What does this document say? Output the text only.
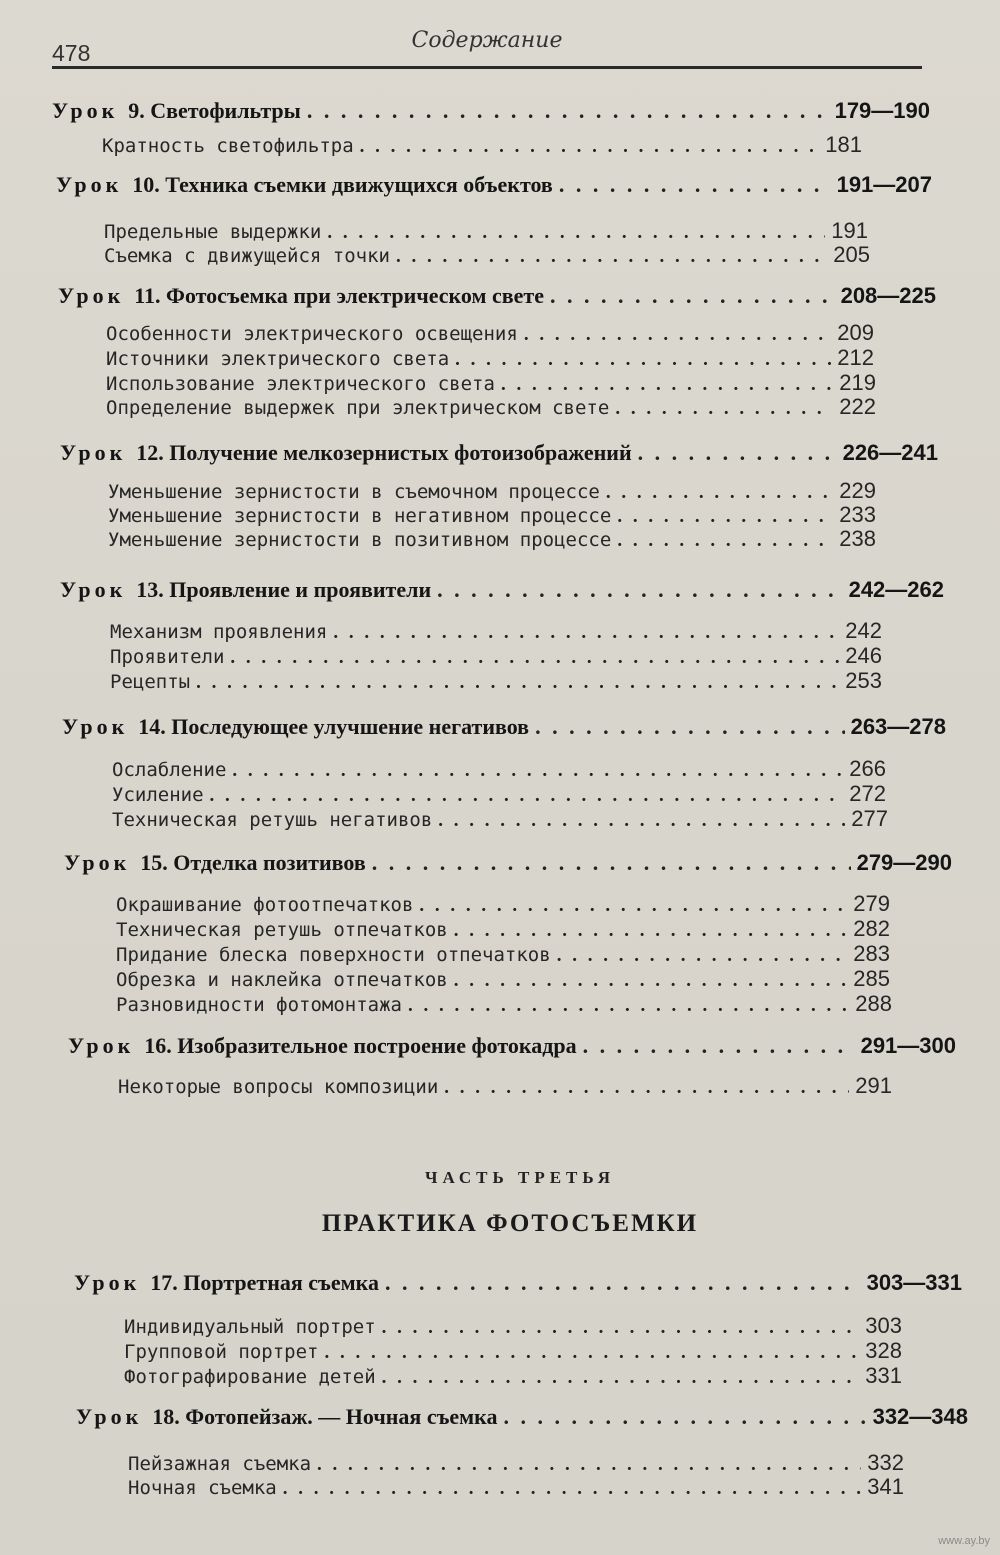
478	Содержание
Урок 9. Светофильтры . . .	179—190
Кратность светофильтра . . .	181
Урок 10. Техника съемки движущихся объектов . . .	191—207
Предельные выдержки . . .	191
Съемка с движущейся точки . . .	205
Урок 11. Фотосъемка при электрическом свете . . .	208—225
Особенности электрического освещения . . .	209
Источники электрического света . . .	212
Использование электрического света . . .	219
Определение выдержек при электрическом свете . . .	222
Урок 12. Получение мелкозернистых фотоизображений . . .	226—241
Уменьшение зернистости в съемочном процессе . . .	229
Уменьшение зернистости в негативном процессе . . .	233
Уменьшение зернистости в позитивном процессе . . .	238
Урок 13. Проявление и проявители . . .	242—262
Механизм проявления . . .	242
Проявители . . .	246
Рецепты . . .	253
Урок 14. Последующее улучшение негативов . . .	263—278
Ослабление . . .	266
Усиление . . .	272
Техническая ретушь негативов . . .	277
Урок 15. Отделка позитивов . . .	279—290
Окрашивание фотоотпечатков . . .	279
Техническая ретушь отпечатков . . .	282
Придание блеска поверхности отпечатков . . .	283
Обрезка и наклейка отпечатков . . .	285
Разновидности фотомонтажа . . .	288
Урок 16. Изобразительное построение фотокадра . . .	291—300
Некоторые вопросы композиции . . .	291
Урок 17. Портретная съемка . . .	303—331
Индивидуальный портрет . . .	303
Групповой портрет . . .	328
Фотографирование детей . . .	331
Урок 18. Фотопейзаж. — Ночная съемка . . .	332—348
Пейзажная съемка . . .	332
Ночная съемка . . .	341
ЧАСТЬ ТРЕТЬЯ
ПРАКТИКА ФОТОСЪЕМКИ
www.ay.by
